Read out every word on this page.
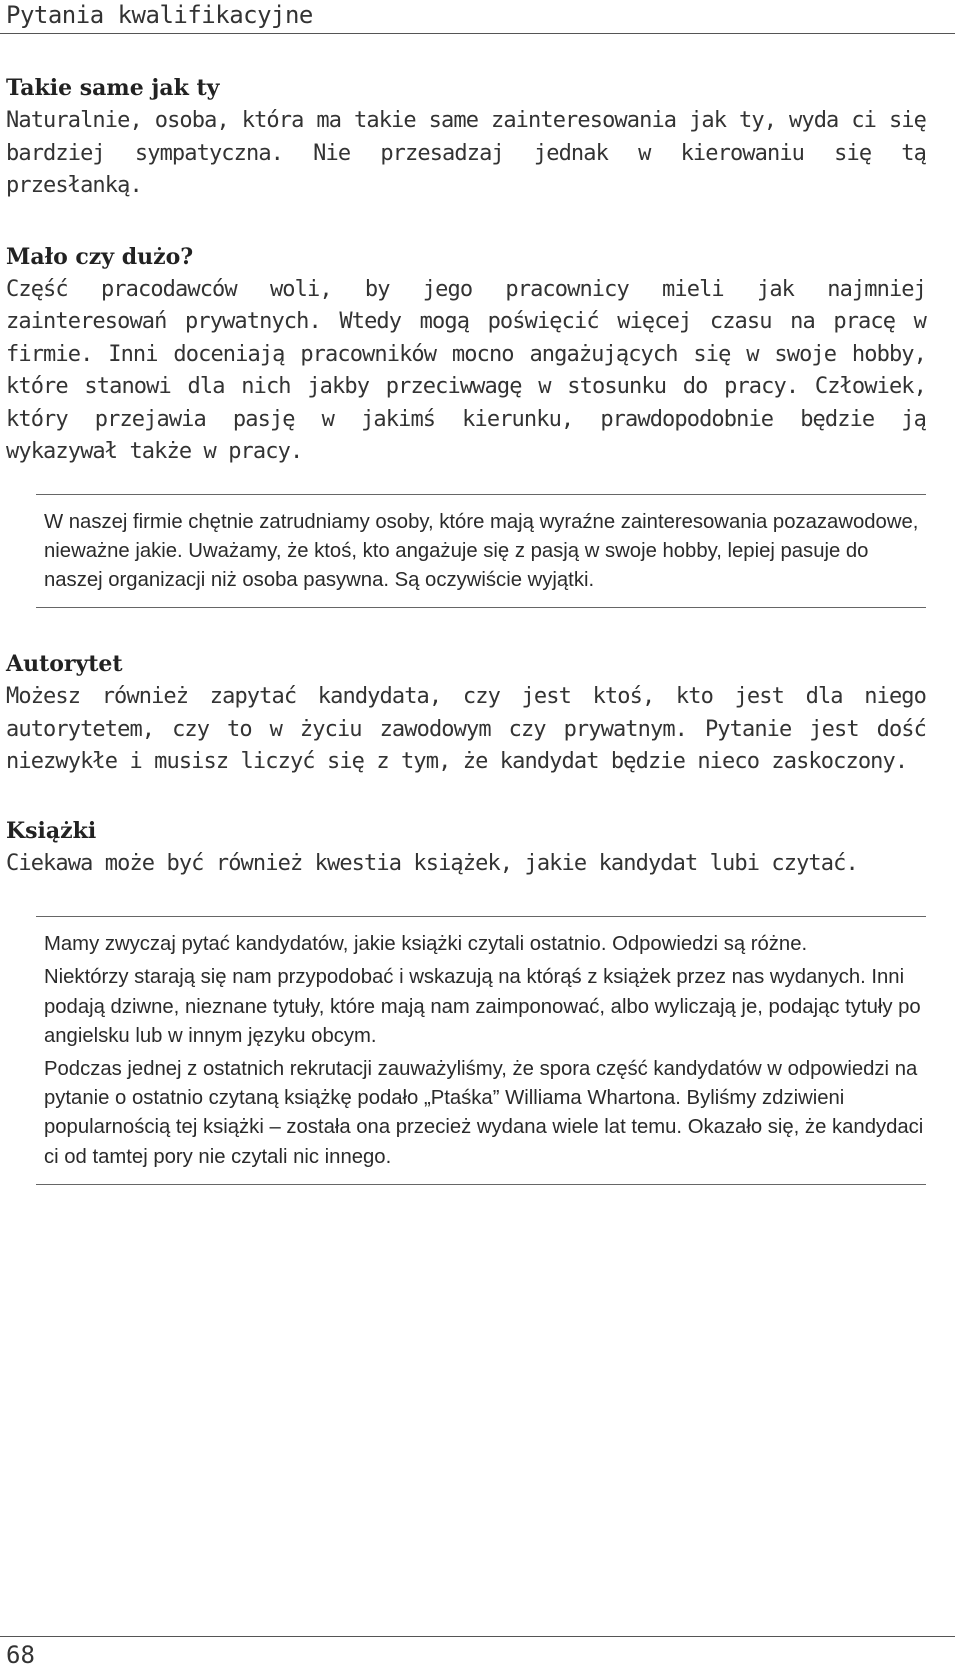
Pytania kwalifikacyjne
Takie same jak ty

Naturalnie, osoba, która ma takie same zainteresowania jak ty, wyda ci się bardziej sympatyczna. Nie przesadzaj jednak w kierowaniu się tą przesłanką.

Mało czy dużo?

Część pracodawców woli, by jego pracownicy mieli jak najmniej zainteresowań prywatnych. Wtedy mogą poświęcić więcej czasu na pracę w firmie. Inni doceniają pracowników mocno angażujących się w swoje hobby, które stanowi dla nich jakby przeciwwagę w stosunku do pracy. Człowiek, który przejawia pasję w jakimś kierunku, prawdopodobnie będzie ją wykazywał także w pracy.

W naszej firmie chętnie zatrudniamy osoby, które mają wyraźne zainteresowania pozazawodowe, nieważne jakie. Uważamy, że ktoś, kto angażuje się z pasją w swoje hobby, lepiej pasuje do naszej organizacji niż osoba pasywna. Są oczywiście wyjątki.

Autorytet

Możesz również zapytać kandydata, czy jest ktoś, kto jest dla niego autorytetem, czy to w życiu zawodowym czy prywatnym. Pytanie jest dość niezwykłe i musisz liczyć się z tym, że kandydat będzie nieco zaskoczony.

Książki

Ciekawa może być również kwestia książek, jakie kandydat lubi czytać.

Mamy zwyczaj pytać kandydatów, jakie książki czytali ostatnio. Odpowiedzi są różne.

Niektórzy starają się nam przypodobać i wskazują na którąś z książek przez nas wydanych. Inni podają dziwne, nieznane tytuły, które mają nam zaimponować, albo wyliczają je, podając tytuły po angielsku lub w innym języku obcym.

Podczas jednej z ostatnich rekrutacji zauważyliśmy, że spora część kandydatów w odpowiedzi na pytanie o ostatnio czytaną książkę podało „Ptaśka” Williama Whartona. Byliśmy zdziwieni popularnością tej książki – została ona przecież wydana wiele lat temu. Okazało się, że kandydaci ci od tamtej pory nie czytali nic innego.

68
